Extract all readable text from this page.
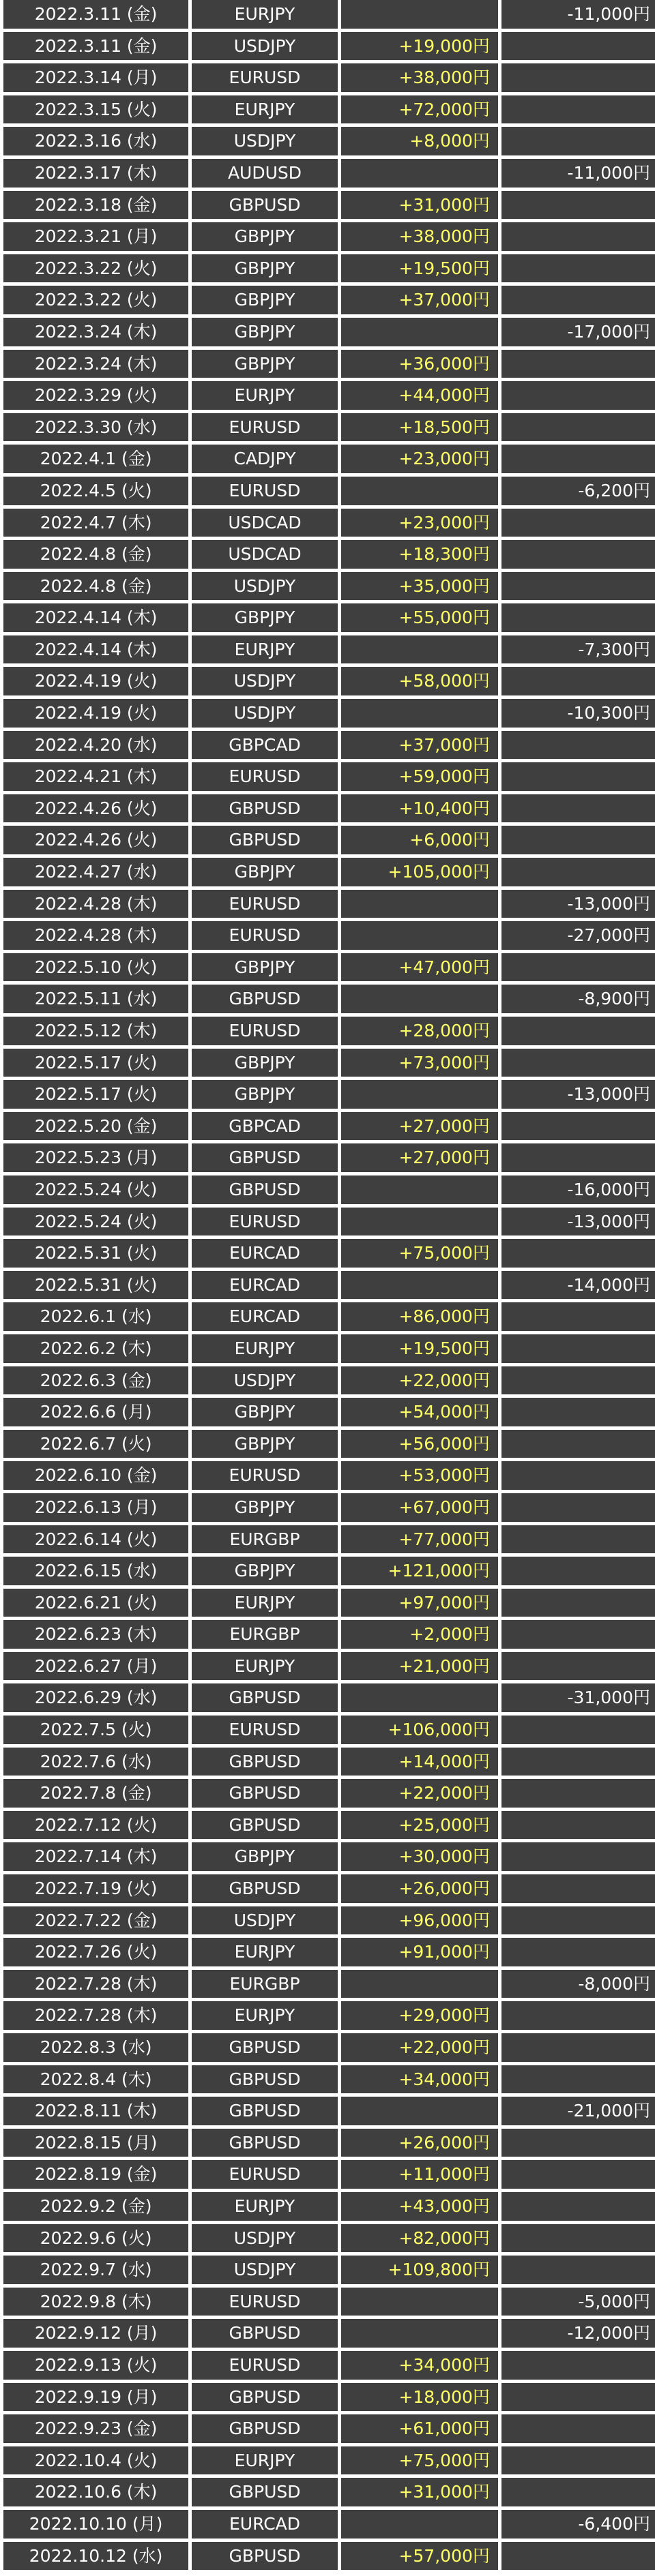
2022.3.11 (金)	EURJPY		-11,000円
2022.3.11 (金)	USDJPY	+19,000円	
2022.3.14 (月)	EURUSD	+38,000円	
2022.3.15 (火)	EURJPY	+72,000円	
2022.3.16 (水)	USDJPY	+8,000円	
2022.3.17 (木)	AUDUSD		-11,000円
2022.3.18 (金)	GBPUSD	+31,000円	
2022.3.21 (月)	GBPJPY	+38,000円	
2022.3.22 (火)	GBPJPY	+19,500円	
2022.3.22 (火)	GBPJPY	+37,000円	
2022.3.24 (木)	GBPJPY		-17,000円
2022.3.24 (木)	GBPJPY	+36,000円	
2022.3.29 (火)	EURJPY	+44,000円	
2022.3.30 (水)	EURUSD	+18,500円	
2022.4.1 (金)	CADJPY	+23,000円	
2022.4.5 (火)	EURUSD		-6,200円
2022.4.7 (木)	USDCAD	+23,000円	
2022.4.8 (金)	USDCAD	+18,300円	
2022.4.8 (金)	USDJPY	+35,000円	
2022.4.14 (木)	GBPJPY	+55,000円	
2022.4.14 (木)	EURJPY		-7,300円
2022.4.19 (火)	USDJPY	+58,000円	
2022.4.19 (火)	USDJPY		-10,300円
2022.4.20 (水)	GBPCAD	+37,000円	
2022.4.21 (木)	EURUSD	+59,000円	
2022.4.26 (火)	GBPUSD	+10,400円	
2022.4.26 (火)	GBPUSD	+6,000円	
2022.4.27 (水)	GBPJPY	+105,000円	
2022.4.28 (木)	EURUSD		-13,000円
2022.4.28 (木)	EURUSD		-27,000円
2022.5.10 (火)	GBPJPY	+47,000円	
2022.5.11 (水)	GBPUSD		-8,900円
2022.5.12 (木)	EURUSD	+28,000円	
2022.5.17 (火)	GBPJPY	+73,000円	
2022.5.17 (火)	GBPJPY		-13,000円
2022.5.20 (金)	GBPCAD	+27,000円	
2022.5.23 (月)	GBPUSD	+27,000円	
2022.5.24 (火)	GBPUSD		-16,000円
2022.5.24 (火)	EURUSD		-13,000円
2022.5.31 (火)	EURCAD	+75,000円	
2022.5.31 (火)	EURCAD		-14,000円
2022.6.1 (水)	EURCAD	+86,000円	
2022.6.2 (木)	EURJPY	+19,500円	
2022.6.3 (金)	USDJPY	+22,000円	
2022.6.6 (月)	GBPJPY	+54,000円	
2022.6.7 (火)	GBPJPY	+56,000円	
2022.6.10 (金)	EURUSD	+53,000円	
2022.6.13 (月)	GBPJPY	+67,000円	
2022.6.14 (火)	EURGBP	+77,000円	
2022.6.15 (水)	GBPJPY	+121,000円	
2022.6.21 (火)	EURJPY	+97,000円	
2022.6.23 (木)	EURGBP	+2,000円	
2022.6.27 (月)	EURJPY	+21,000円	
2022.6.29 (水)	GBPUSD		-31,000円
2022.7.5 (火)	EURUSD	+106,000円	
2022.7.6 (水)	GBPUSD	+14,000円	
2022.7.8 (金)	GBPUSD	+22,000円	
2022.7.12 (火)	GBPUSD	+25,000円	
2022.7.14 (木)	GBPJPY	+30,000円	
2022.7.19 (火)	GBPUSD	+26,000円	
2022.7.22 (金)	USDJPY	+96,000円	
2022.7.26 (火)	EURJPY	+91,000円	
2022.7.28 (木)	EURGBP		-8,000円
2022.7.28 (木)	EURJPY	+29,000円	
2022.8.3 (水)	GBPUSD	+22,000円	
2022.8.4 (木)	GBPUSD	+34,000円	
2022.8.11 (木)	GBPUSD		-21,000円
2022.8.15 (月)	GBPUSD	+26,000円	
2022.8.19 (金)	EURUSD	+11,000円	
2022.9.2 (金)	EURJPY	+43,000円	
2022.9.6 (火)	USDJPY	+82,000円	
2022.9.7 (水)	USDJPY	+109,800円	
2022.9.8 (木)	EURUSD		-5,000円
2022.9.12 (月)	GBPUSD		-12,000円
2022.9.13 (火)	EURUSD	+34,000円	
2022.9.19 (月)	GBPUSD	+18,000円	
2022.9.23 (金)	GBPUSD	+61,000円	
2022.10.4 (火)	EURJPY	+75,000円	
2022.10.6 (木)	GBPUSD	+31,000円	
2022.10.10 (月)	EURCAD		-6,400円
2022.10.12 (水)	GBPUSD	+57,000円	
